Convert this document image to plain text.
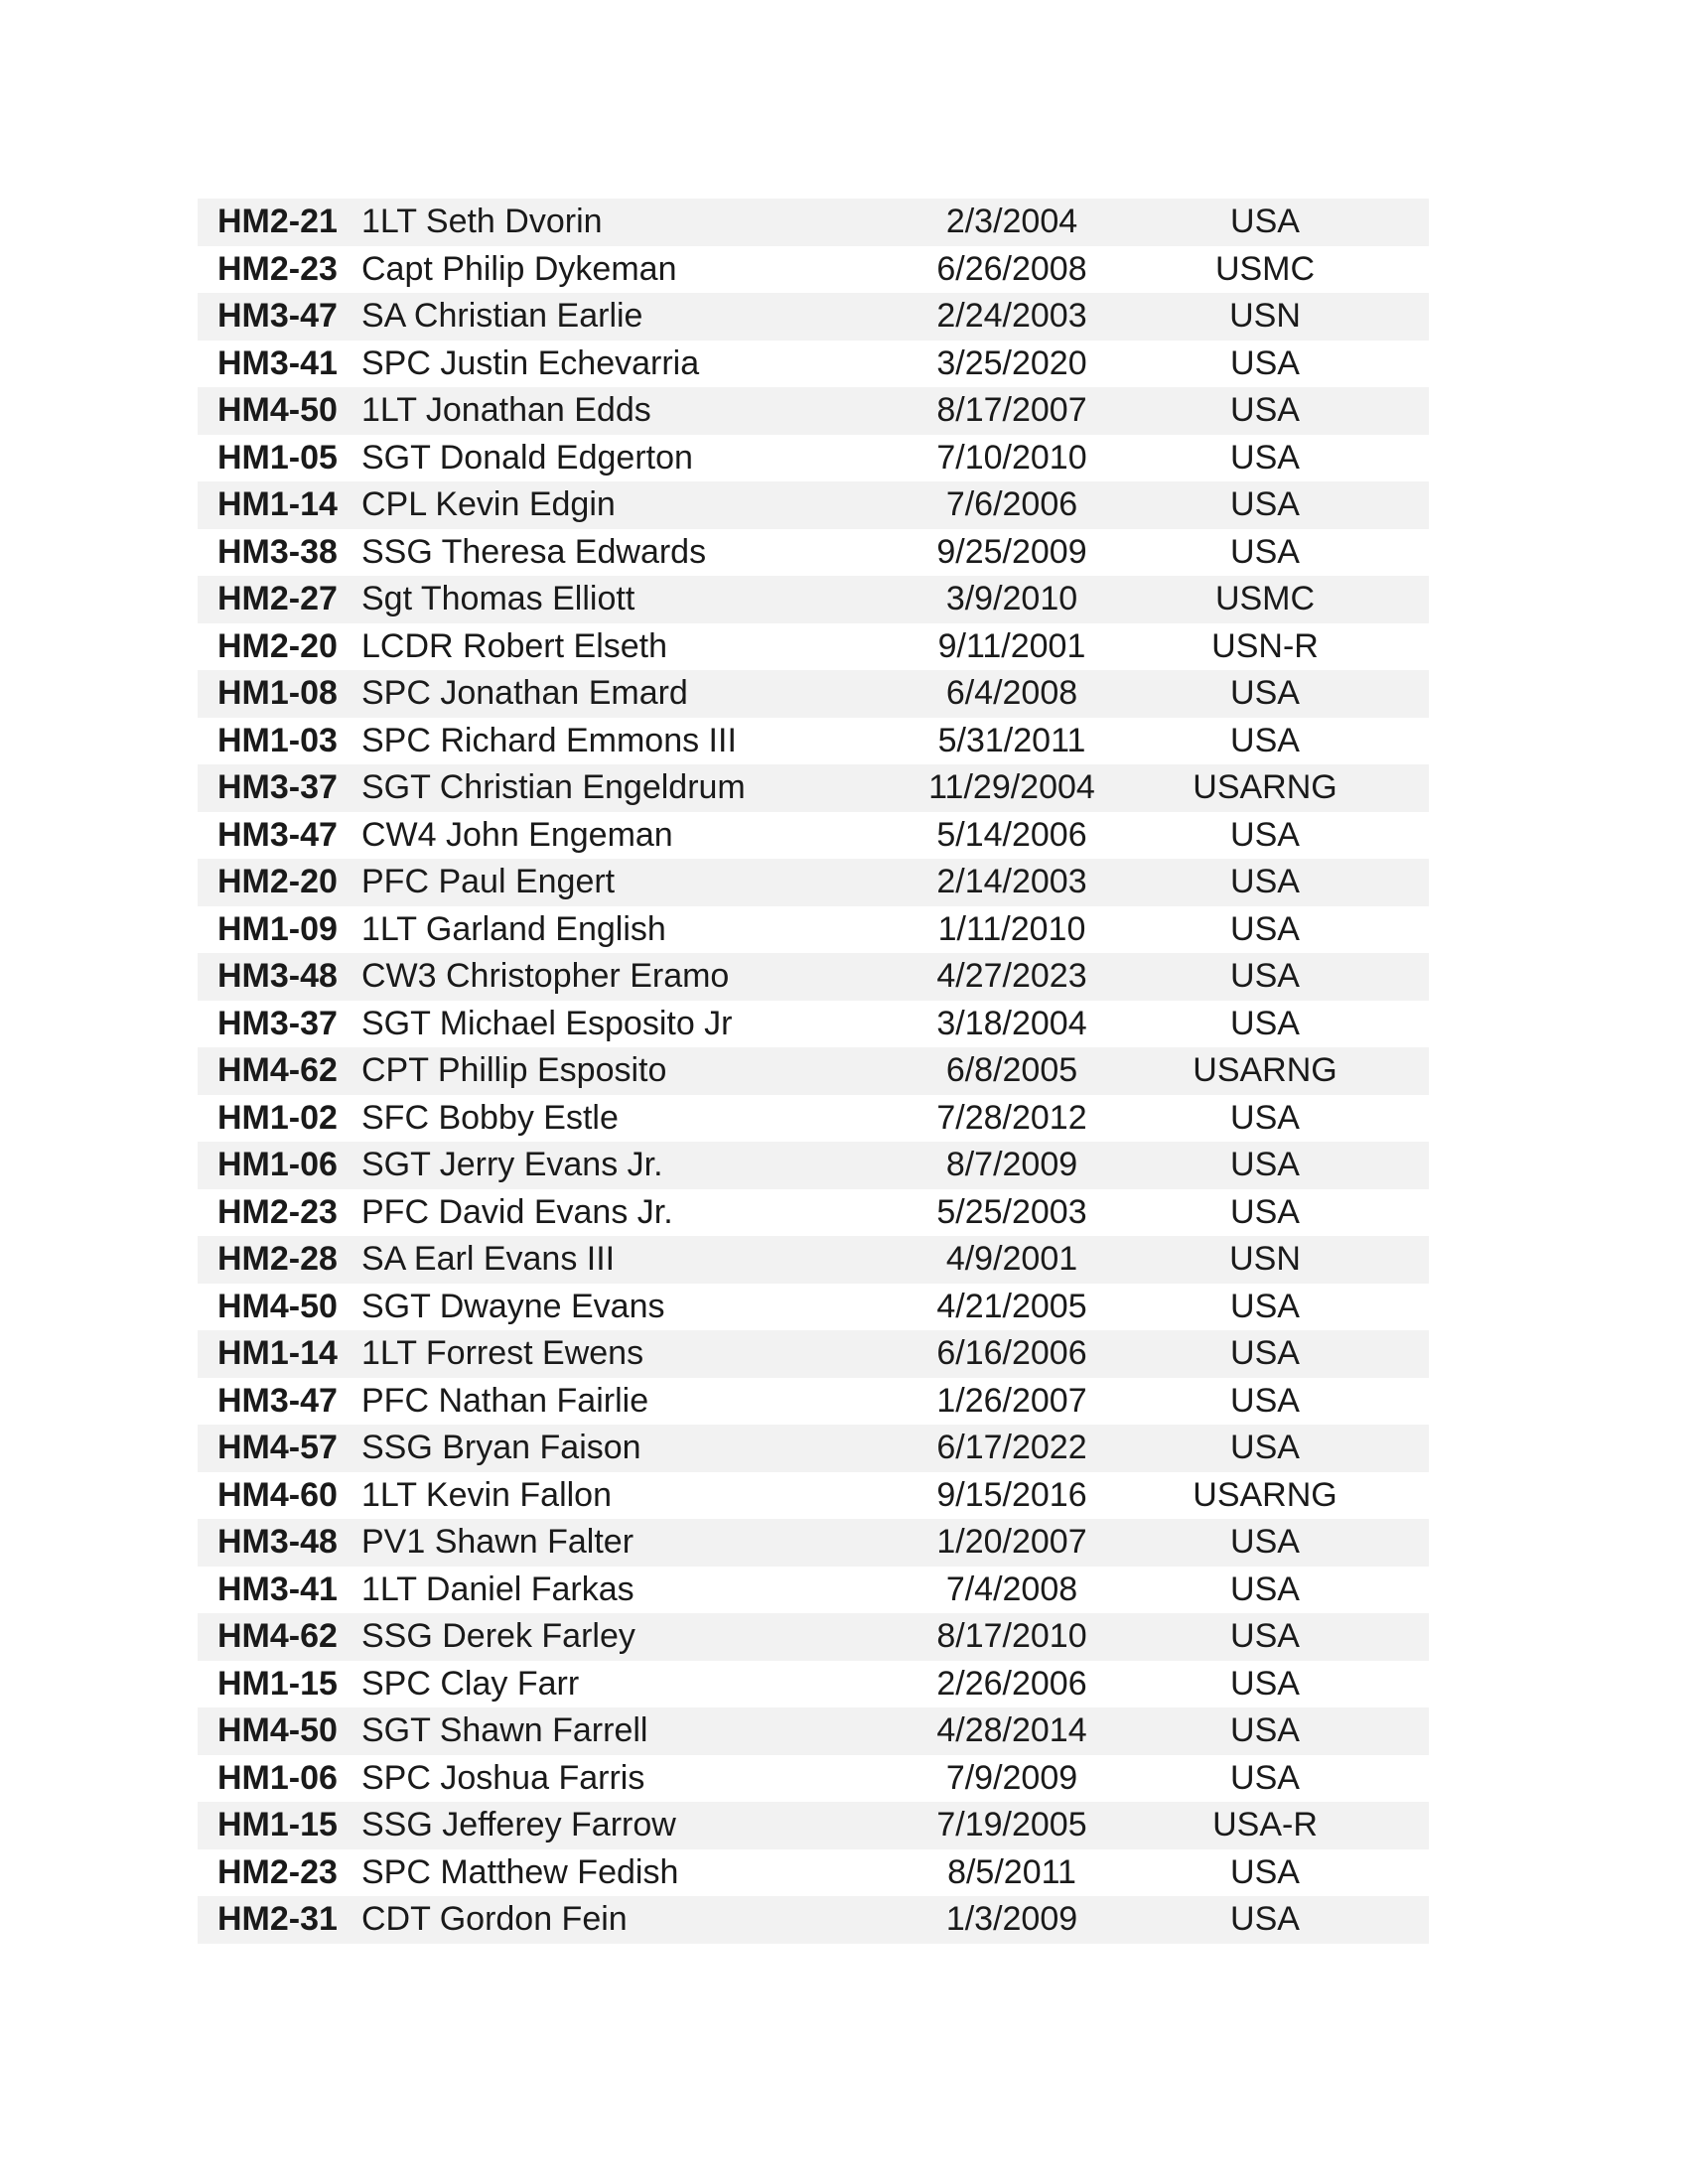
HM2-21 1LT Seth Dvorin	2/3/2004	USA
HM2-23 Capt Philip Dykeman	6/26/2008	USMC
HM3-47 SA Christian Earlie	2/24/2003	USN
HM3-41 SPC Justin Echevarria	3/25/2020	USA
HM4-50 1LT Jonathan Edds	8/17/2007	USA
HM1-05 SGT Donald Edgerton	7/10/2010	USA
HM1-14 CPL Kevin Edgin	7/6/2006	USA
HM3-38 SSG Theresa Edwards	9/25/2009	USA
HM2-27 Sgt Thomas Elliott	3/9/2010	USMC
HM2-20 LCDR Robert Elseth	9/11/2001	USN-R
HM1-08 SPC Jonathan Emard	6/4/2008	USA
HM1-03 SPC Richard Emmons III	5/31/2011	USA
HM3-37 SGT Christian Engeldrum	11/29/2004	USARNG
HM3-47 CW4 John Engeman	5/14/2006	USA
HM2-20 PFC Paul Engert	2/14/2003	USA
HM1-09 1LT Garland English	1/11/2010	USA
HM3-48 CW3 Christopher Eramo	4/27/2023	USA
HM3-37 SGT Michael Esposito Jr	3/18/2004	USA
HM4-62 CPT Phillip Esposito	6/8/2005	USARNG
HM1-02 SFC Bobby Estle	7/28/2012	USA
HM1-06 SGT Jerry Evans Jr.	8/7/2009	USA
HM2-23 PFC David Evans Jr.	5/25/2003	USA
HM2-28 SA Earl Evans III	4/9/2001	USN
HM4-50 SGT Dwayne Evans	4/21/2005	USA
HM1-14 1LT Forrest Ewens	6/16/2006	USA
HM3-47 PFC Nathan Fairlie	1/26/2007	USA
HM4-57 SSG Bryan Faison	6/17/2022	USA
HM4-60 1LT Kevin Fallon	9/15/2016	USARNG
HM3-48 PV1 Shawn Falter	1/20/2007	USA
HM3-41 1LT Daniel Farkas	7/4/2008	USA
HM4-62 SSG Derek Farley	8/17/2010	USA
HM1-15 SPC Clay Farr	2/26/2006	USA
HM4-50 SGT Shawn Farrell	4/28/2014	USA
HM1-06 SPC Joshua Farris	7/9/2009	USA
HM1-15 SSG Jefferey Farrow	7/19/2005	USA-R
HM2-23 SPC Matthew Fedish	8/5/2011	USA
HM2-31 CDT Gordon Fein	1/3/2009	USA
